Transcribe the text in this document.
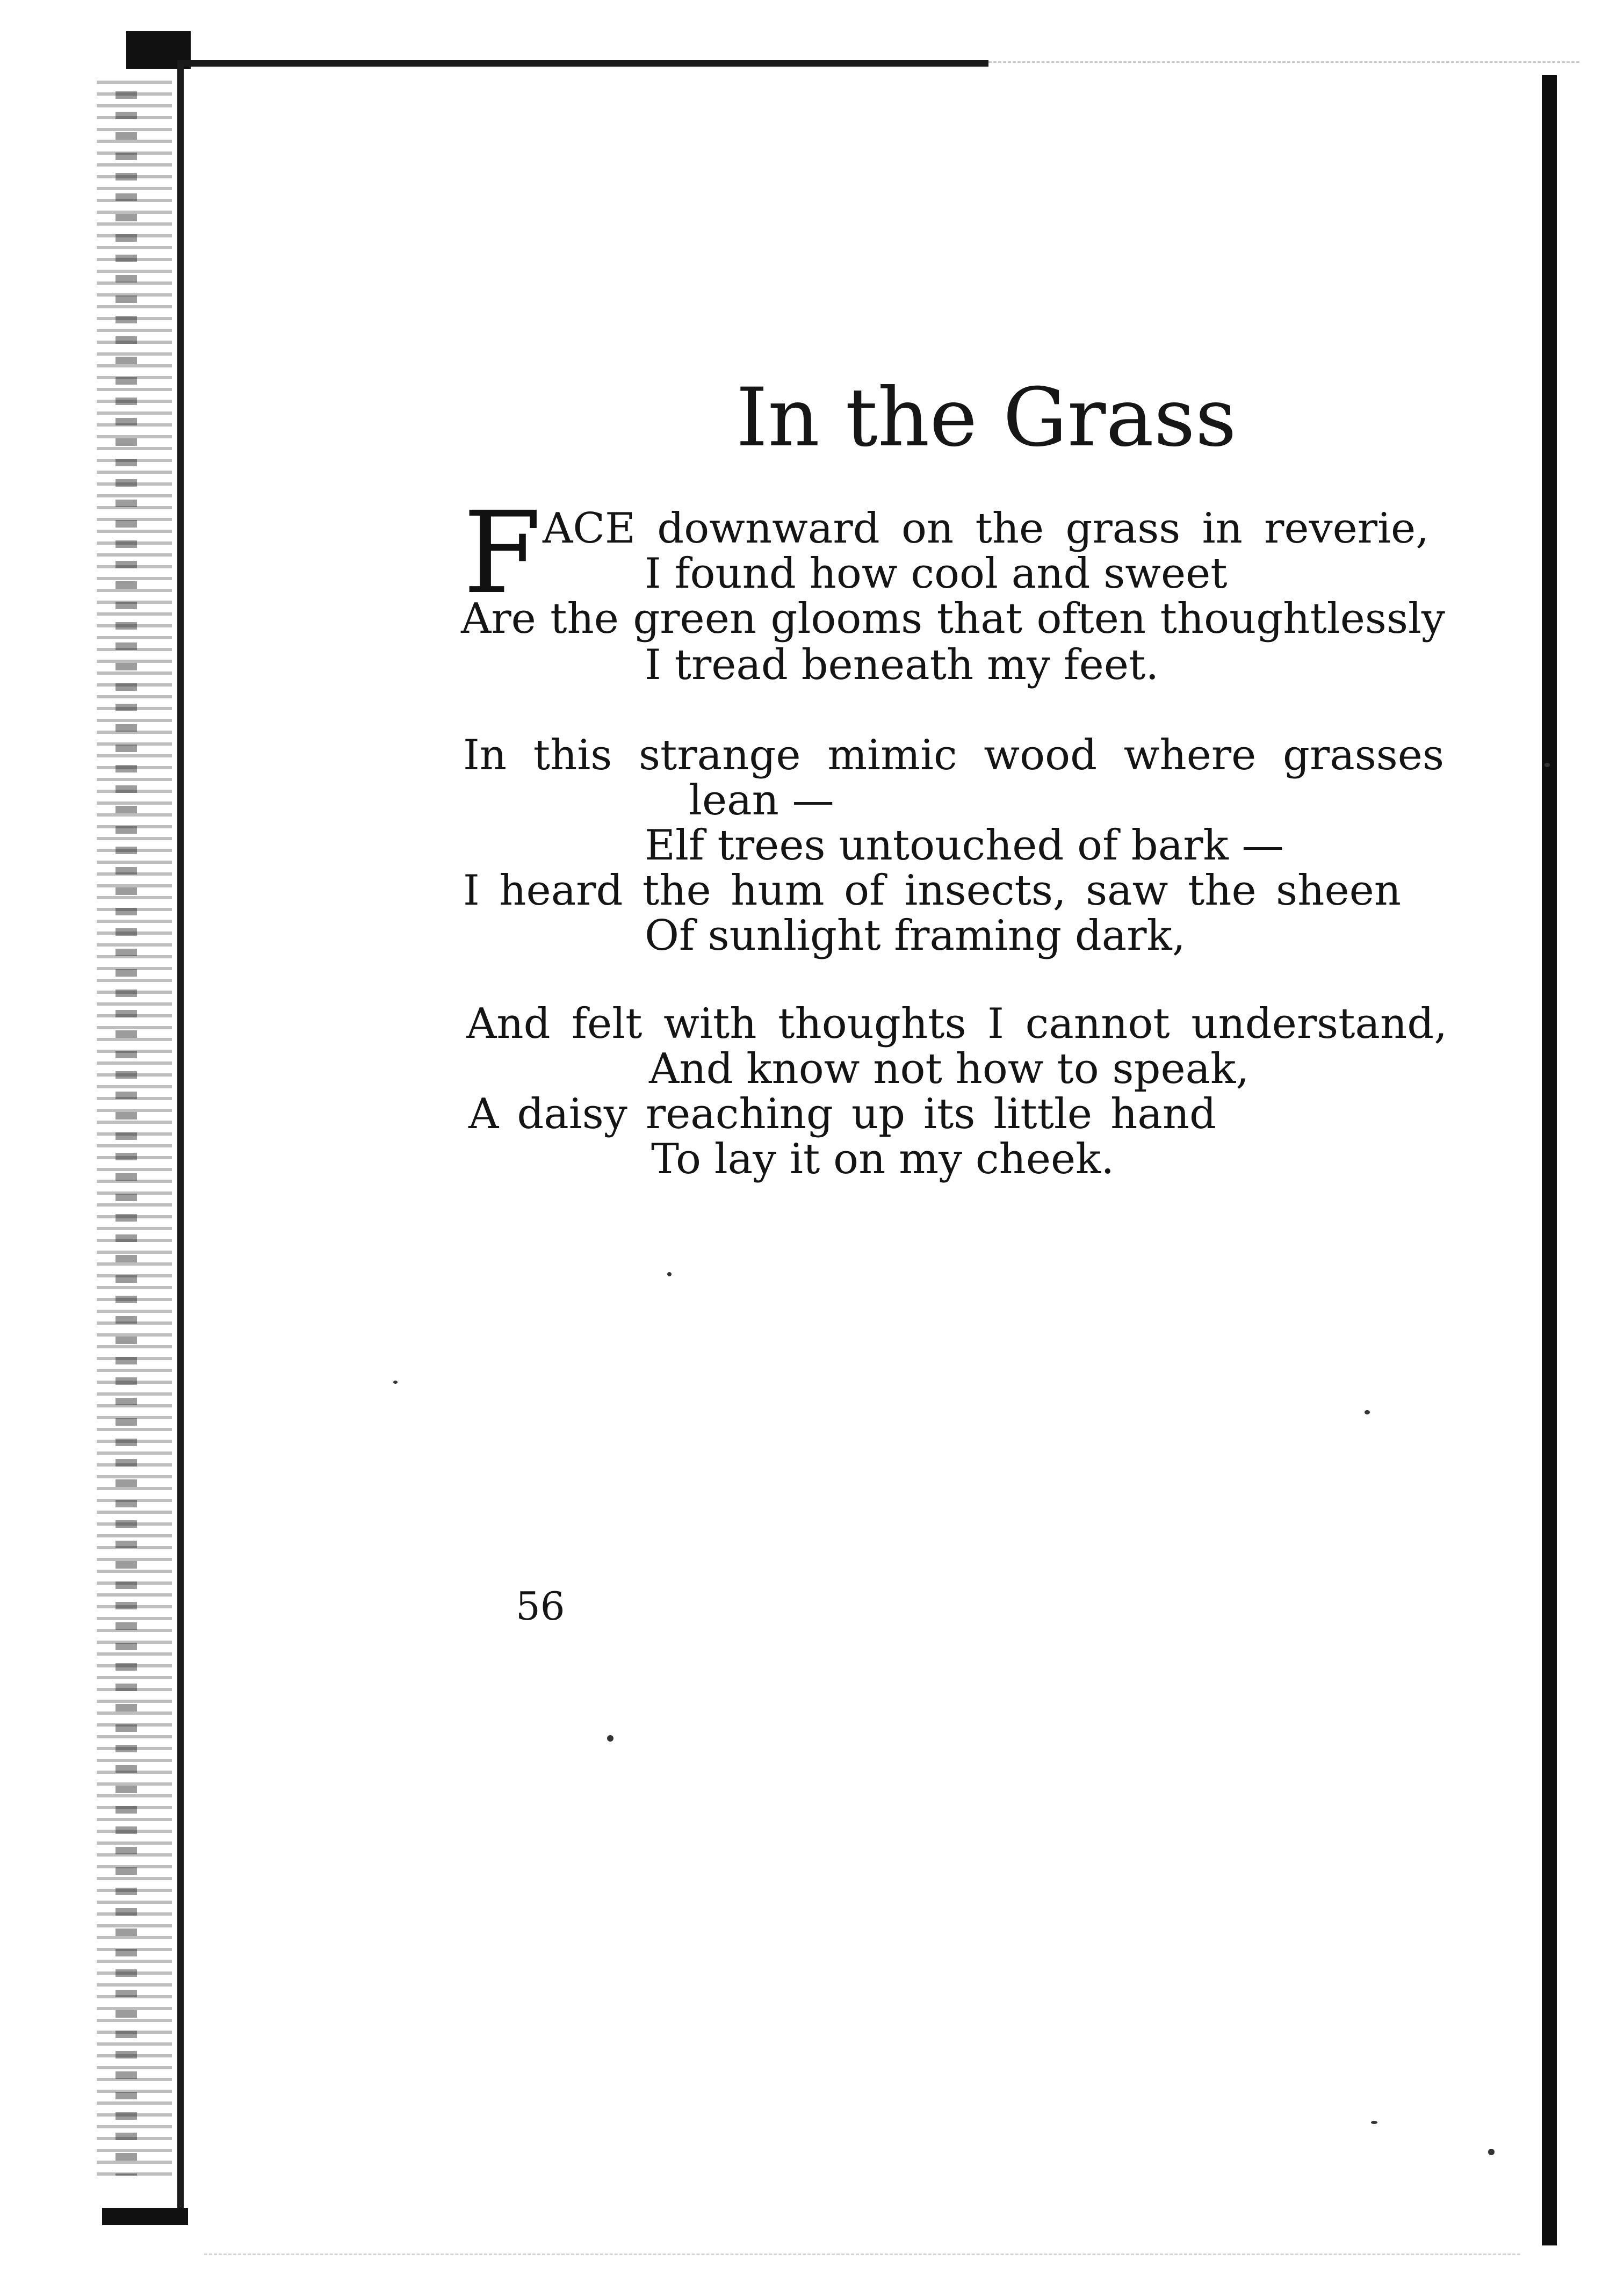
In the Grass
F ACE downward on the grass in reverie,
I found how cool and sweet
Are the green glooms that often thoughtlessly
I tread beneath my feet.
In this strange mimic wood where grasses
lean —
Elf trees untouched of bark —
I heard the hum of insects, saw the sheen
Of sunlight framing dark,
And felt with thoughts I cannot understand,
And know not how to speak,
A daisy reaching up its little hand
To lay it on my cheek.
56
